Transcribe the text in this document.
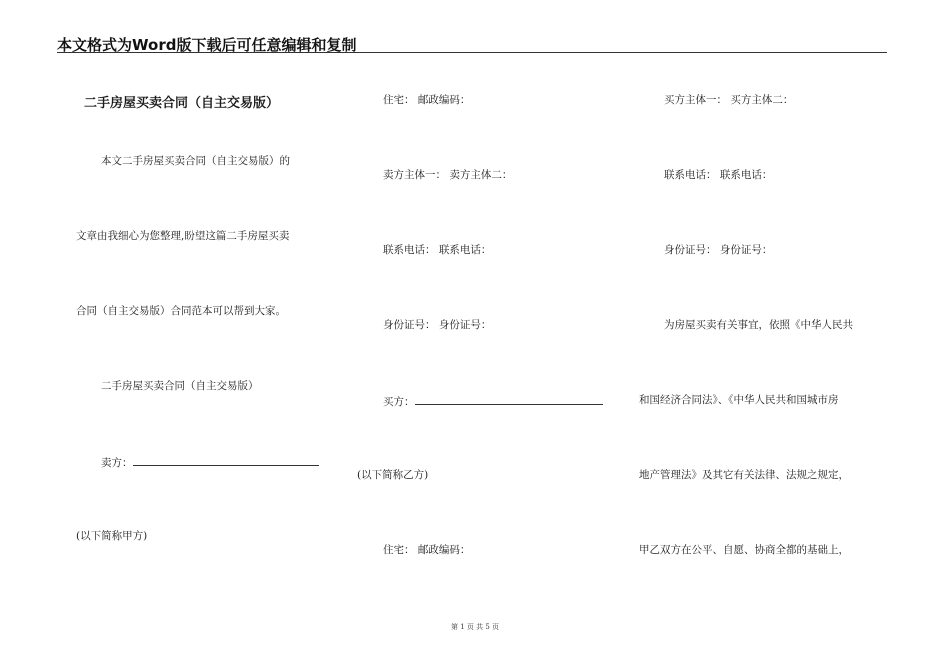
本文格式为Word版下载后可任意编辑和复制
二手房屋买卖合同（自主交易版）
本文二手房屋买卖合同（自主交易版）的
文章由我细心为您整理,盼望这篇二手房屋买卖
合同（自主交易版）合同范本可以帮到大家。
二手房屋买卖合同（自主交易版）
卖方：
(以下简称甲方)
住宅： 邮政编码：
卖方主体一： 卖方主体二：
联系电话： 联系电话：
身份证号： 身份证号：
买方：
(以下简称乙方)
住宅： 邮政编码：
买方主体一： 买方主体二：
联系电话： 联系电话：
身份证号： 身份证号：
为房屋买卖有关事宜，依照《中华人民共
和国经济合同法》、《中华人民共和国城市房
地产管理法》及其它有关法律、法规之规定，
甲乙双方在公平、自愿、协商全都的基础上，
第 1 页 共 5 页
